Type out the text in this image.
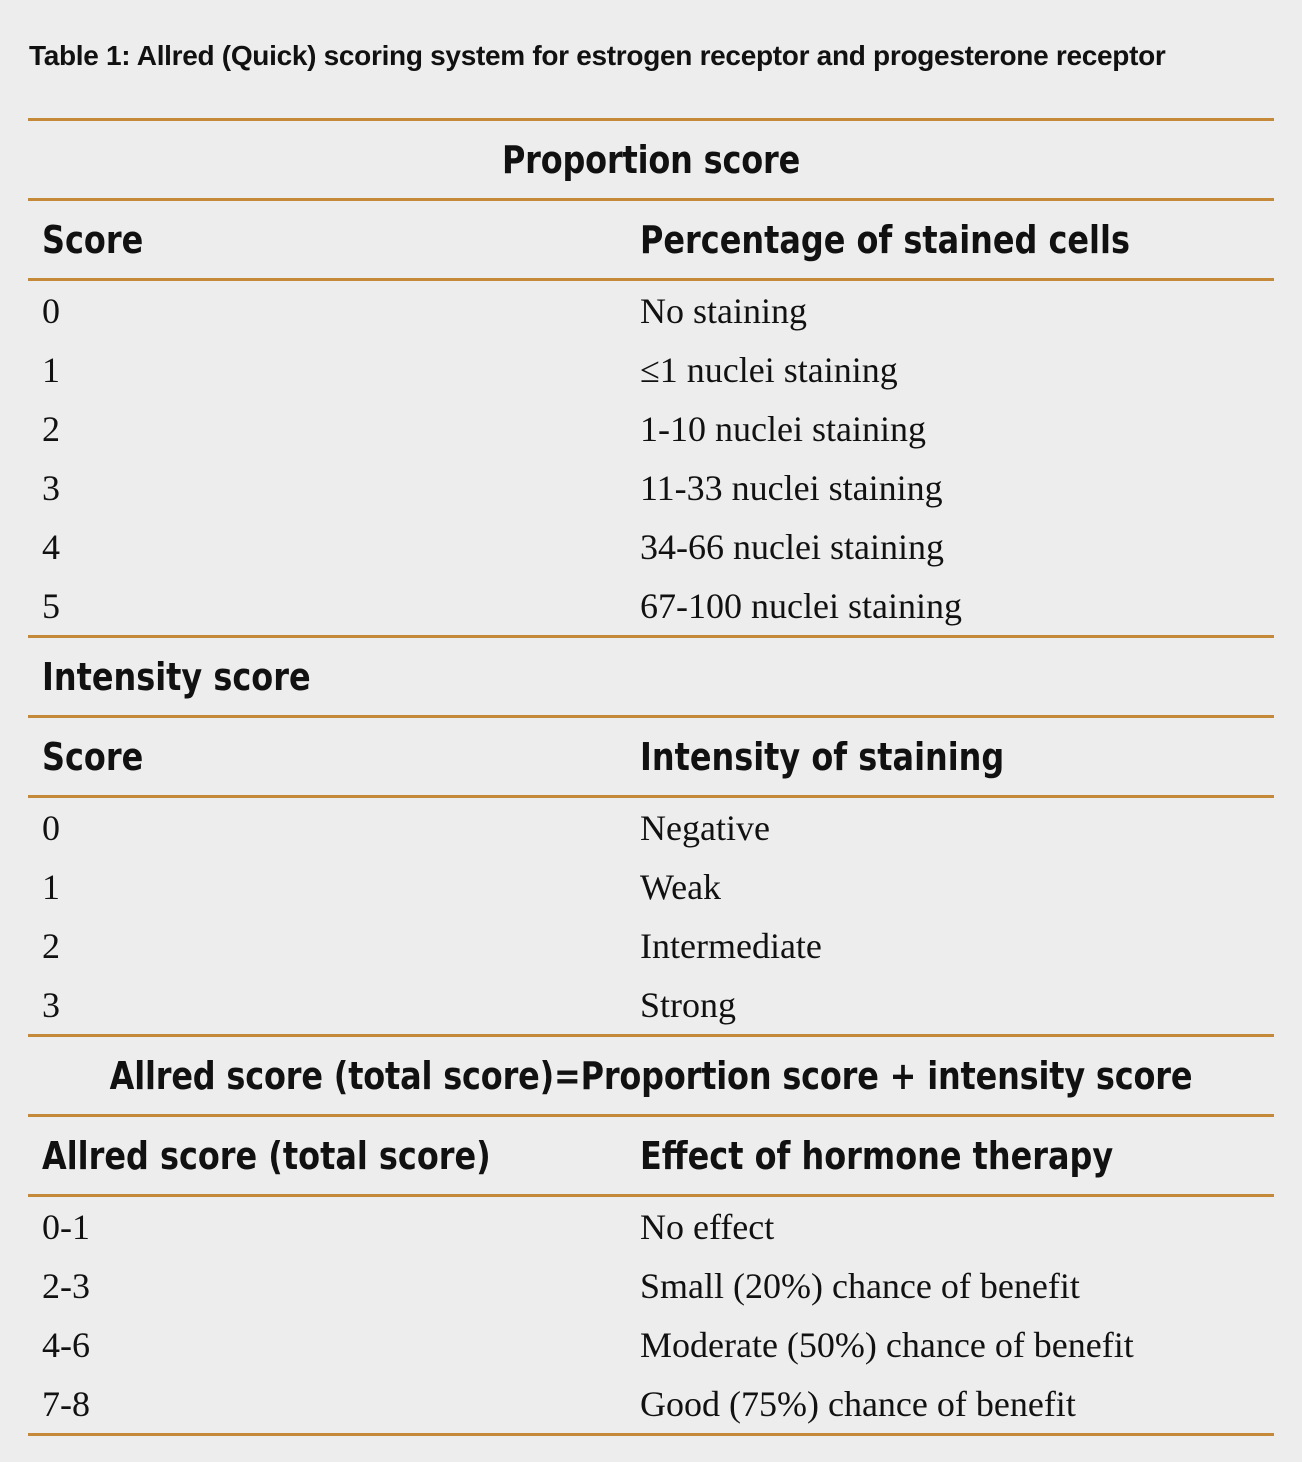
Table 1: Allred (Quick) scoring system for estrogen receptor and progesterone receptor
Proportion score
Score	Percentage of stained cells
0	No staining
1	≤1 nuclei staining
2	1-10 nuclei staining
3	11-33 nuclei staining
4	34-66 nuclei staining
5	67-100 nuclei staining
Intensity score
Score	Intensity of staining
0	Negative
1	Weak
2	Intermediate
3	Strong
Allred score (total score)=Proportion score + intensity score
Allred score (total score)	Effect of hormone therapy
0-1	No effect
2-3	Small (20%) chance of benefit
4-6	Moderate (50%) chance of benefit
7-8	Good (75%) chance of benefit
